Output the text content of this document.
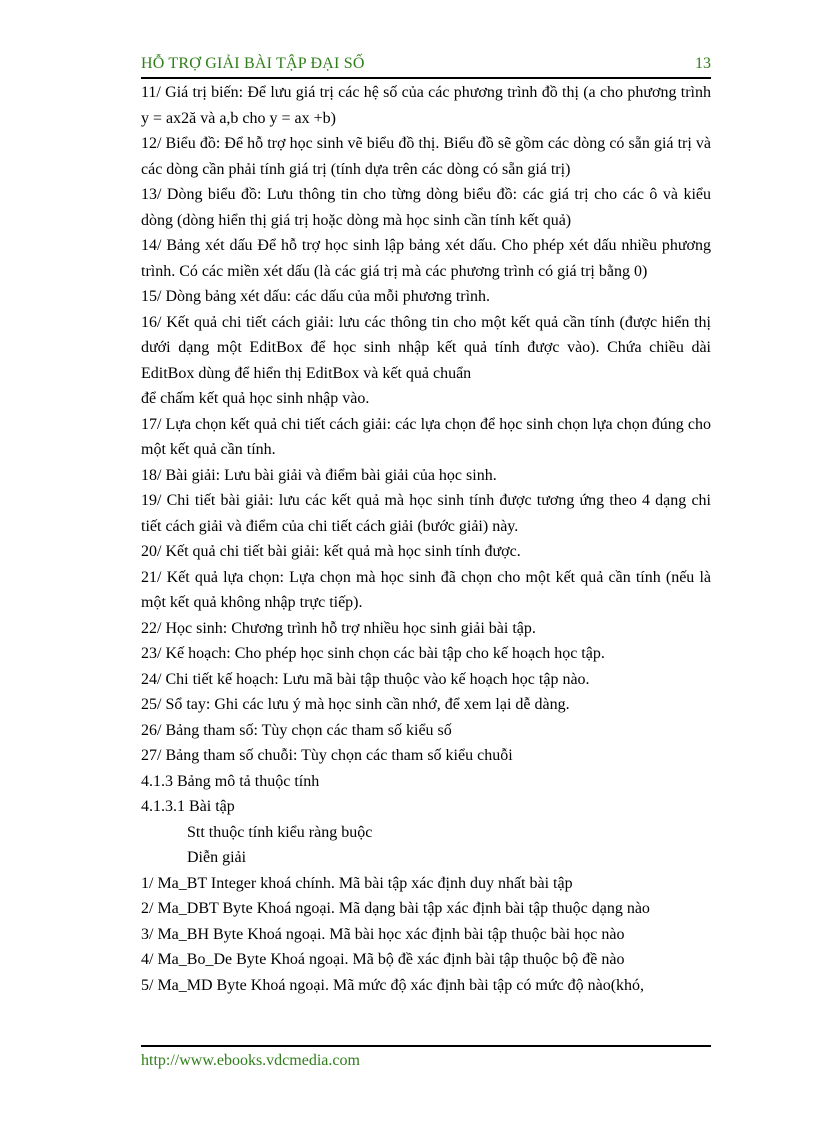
HỖ TRỢ GIẢI BÀI TẬP ĐẠI SỐ	13

11/ Giá trị biến: Để lưu giá trị các hệ số của các phương trình đồ thị (a cho phương trình y = ax2ă và a,b cho y = ax +b)

12/ Biểu đồ: Để hỗ trợ học sinh vẽ biểu đồ thị. Biểu đồ sẽ gồm các dòng có sẵn giá trị và các dòng cần phải tính giá trị (tính dựa trên các dòng có sẵn giá trị)

13/ Dòng biểu đồ: Lưu thông tin cho từng dòng biểu đồ: các giá trị cho các ô và kiểu dòng (dòng hiển thị giá trị hoặc dòng mà học sinh cần tính kết quả)

14/ Bảng xét dấu Để hỗ trợ học sinh lập bảng xét dấu. Cho phép xét dấu nhiều phương trình. Có các miền xét dấu (là các giá trị mà các phương trình có giá trị bằng 0)

15/ Dòng bảng xét dấu: các dấu của mỗi phương trình.

16/ Kết quả chi tiết cách giải: lưu các thông tin cho một kết quả cần tính (được hiển thị dưới dạng một EditBox để học sinh nhập kết quả tính được vào). Chứa chiều dài EditBox dùng để hiển thị EditBox và kết quả chuẩn

để chấm kết quả học sinh nhập vào.

17/ Lựa chọn kết quả chi tiết cách giải: các lựa chọn để học sinh chọn lựa chọn đúng cho một kết quả cần tính.

18/ Bài giải: Lưu bài giải và điểm bài giải của học sinh.

19/ Chi tiết bài giải: lưu các kết quả mà học sinh tính được tương ứng theo 4 dạng chi tiết cách giải và điểm của chi tiết cách giải (bước giải) này.

20/ Kết quả chi tiết bài giải: kết quả mà học sinh tính được.

21/ Kết quả lựa chọn: Lựa chọn mà học sinh đã chọn cho một kết quả cần tính (nếu là một kết quả không nhập trực tiếp).

22/ Học sinh: Chương trình hỗ trợ nhiều học sinh giải bài tập.

23/ Kế hoạch: Cho phép học sinh chọn các bài tập cho kế hoạch học tập.

24/ Chi tiết kế hoạch: Lưu mã bài tập thuộc vào kế hoạch học tập nào.

25/ Sổ tay: Ghi các lưu ý mà học sinh cần nhớ, để xem lại dễ dàng.

26/ Bảng tham số: Tùy chọn các tham số kiểu số

27/ Bảng tham số chuỗi: Tùy chọn các tham số kiểu chuỗi

4.1.3 Bảng mô tả thuộc tính

4.1.3.1 Bài tập

Stt thuộc tính kiểu ràng buộc

Diễn giải

1/ Ma_BT Integer khoá chính. Mã bài tập xác định duy nhất bài tập

2/ Ma_DBT Byte Khoá ngoại. Mã dạng bài tập xác định bài tập thuộc dạng nào

3/ Ma_BH Byte Khoá ngoại. Mã bài học xác định bài tập thuộc bài học nào

4/ Ma_Bo_De Byte Khoá ngoại. Mã bộ đề xác định bài tập thuộc bộ đề nào

5/ Ma_MD Byte Khoá ngoại. Mã mức độ xác định bài tập có mức độ nào(khó,

http://www.ebooks.vdcmedia.com
